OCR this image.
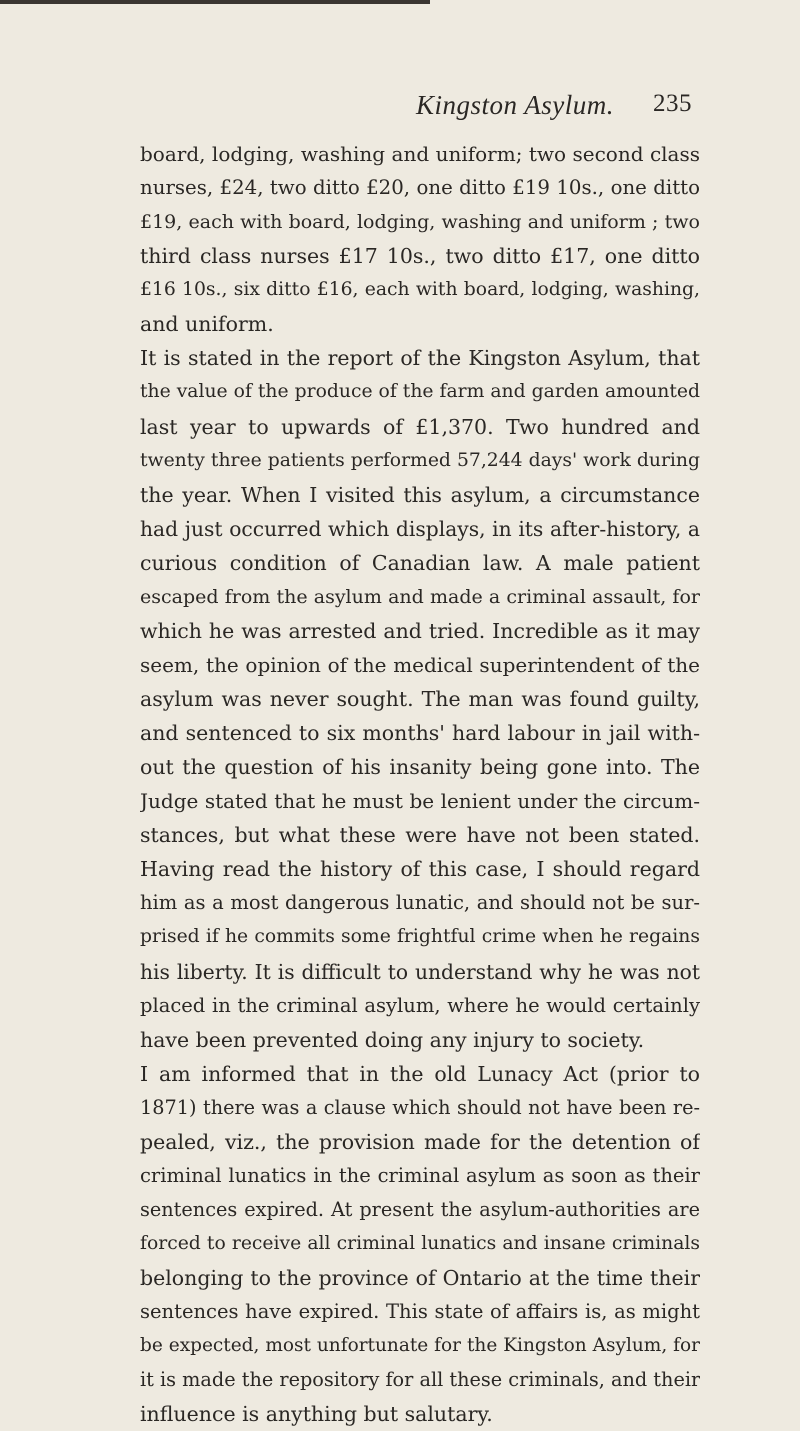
Kingston Asylum. 235
board, lodging, washing and uniform; two second class
nurses, £24, two ditto £20, one ditto £19 10s., one ditto
£19, each with board, lodging, washing and uniform ; two
third class nurses £17 10s., two ditto £17, one ditto
£16 10s., six ditto £16, each with board, lodging, washing,
and uniform.
It is stated in the report of the Kingston Asylum, that
the value of the produce of the farm and garden amounted
last year to upwards of £1,370. Two hundred and
twenty three patients performed 57,244 days' work during
the year. When I visited this asylum, a circumstance
had just occurred which displays, in its after-history, a
curious condition of Canadian law. A male patient
escaped from the asylum and made a criminal assault, for
which he was arrested and tried. Incredible as it may
seem, the opinion of the medical superintendent of the
asylum was never sought. The man was found guilty,
and sentenced to six months' hard labour in jail with-
out the question of his insanity being gone into. The
Judge stated that he must be lenient under the circum-
stances, but what these were have not been stated.
Having read the history of this case, I should regard
him as a most dangerous lunatic, and should not be sur-
prised if he commits some frightful crime when he regains
his liberty. It is difficult to understand why he was not
placed in the criminal asylum, where he would certainly
have been prevented doing any injury to society.
I am informed that in the old Lunacy Act (prior to
1871) there was a clause which should not have been re-
pealed, viz., the provision made for the detention of
criminal lunatics in the criminal asylum as soon as their
sentences expired. At present the asylum-authorities are
forced to receive all criminal lunatics and insane criminals
belonging to the province of Ontario at the time their
sentences have expired. This state of affairs is, as might
be expected, most unfortunate for the Kingston Asylum, for
it is made the repository for all these criminals, and their
influence is anything but salutary.
